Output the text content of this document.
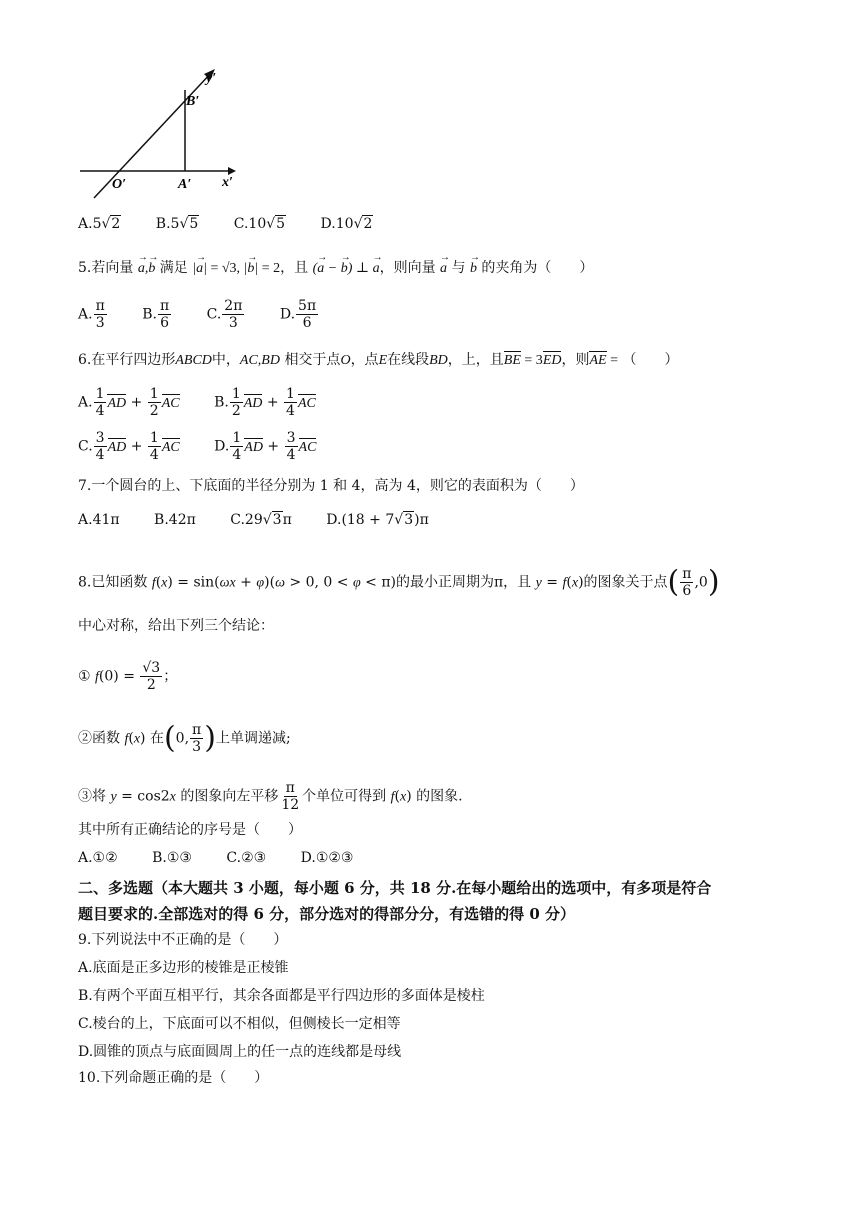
y′
B′
O′	A′ x′
A.5√2	B.5√5	C.10√5	D.10√2
5.若向量 → a,→ b 满足 |→ a| = √3, |→ b| = 2，且 (→ a − → b) ⊥ → a，则向量 → a 与 → b 的夹角为（　　）
A. $\frac{\pi}{3}$	B. $\frac{\pi}{6}$	C. $\frac{2\pi}{3}$	D. $\frac{5\pi}{6}$
6.在平行四边形ABCD中，AC,BD 相交于点O，点E在线段BD，上，且BE = 3ED，则AE = （　　）
A. $\frac{1}{4}$ AD + $\frac{1}{2}$ AC B. $\frac{1}{2}$ AD + $\frac{1}{4}$ AC
C. $\frac{3}{4}$ AD + $\frac{1}{4}$ AC D. $\frac{1}{4}$ AD + $\frac{3}{4}$ AC
7.一个圆台的上、下底面的半径分别为 1 和 4，高为 4，则它的表面积为（　　）
A.41π B.42π C.29√3π D.(18 + 7√3)π
8.已知函数 f(x) = sin(ωx + φ)(ω > 0, 0 < φ < π)的最小正周期为π，且 y = f(x)的图象关于点( $\frac{\pi}{6} ,0$)
中心对称，给出下列三个结论：
① $f(0) = \frac{√3}{2}$ ；
②函数 f(x) 在(0, $\frac{\pi}{3}$ )上单调递减;
③将 y = cos2x 的图象向左平移 $\frac{\pi}{12}$ 个单位可得到 f(x) 的图象.
其中所有正确结论的序号是（　　）
A.①② B.①③ C.②③ D.①②③
二、多选题（本大题共 3 小题，每小题 6 分，共 18 分.在每小题给出的选项中，有多项是符合
题目要求的.全部选对的得 6 分，部分选对的得部分分，有选错的得 0 分）
9.下列说法中不正确的是（　　）
A.底面是正多边形的棱锥是正棱锥
B.有两个平面互相平行，其余各面都是平行四边形的多面体是棱柱
C.棱台的上，下底面可以不相似，但侧棱长一定相等
D.圆锥的顶点与底面圆周上的任一点的连线都是母线
10.下列命题正确的是（　　）
